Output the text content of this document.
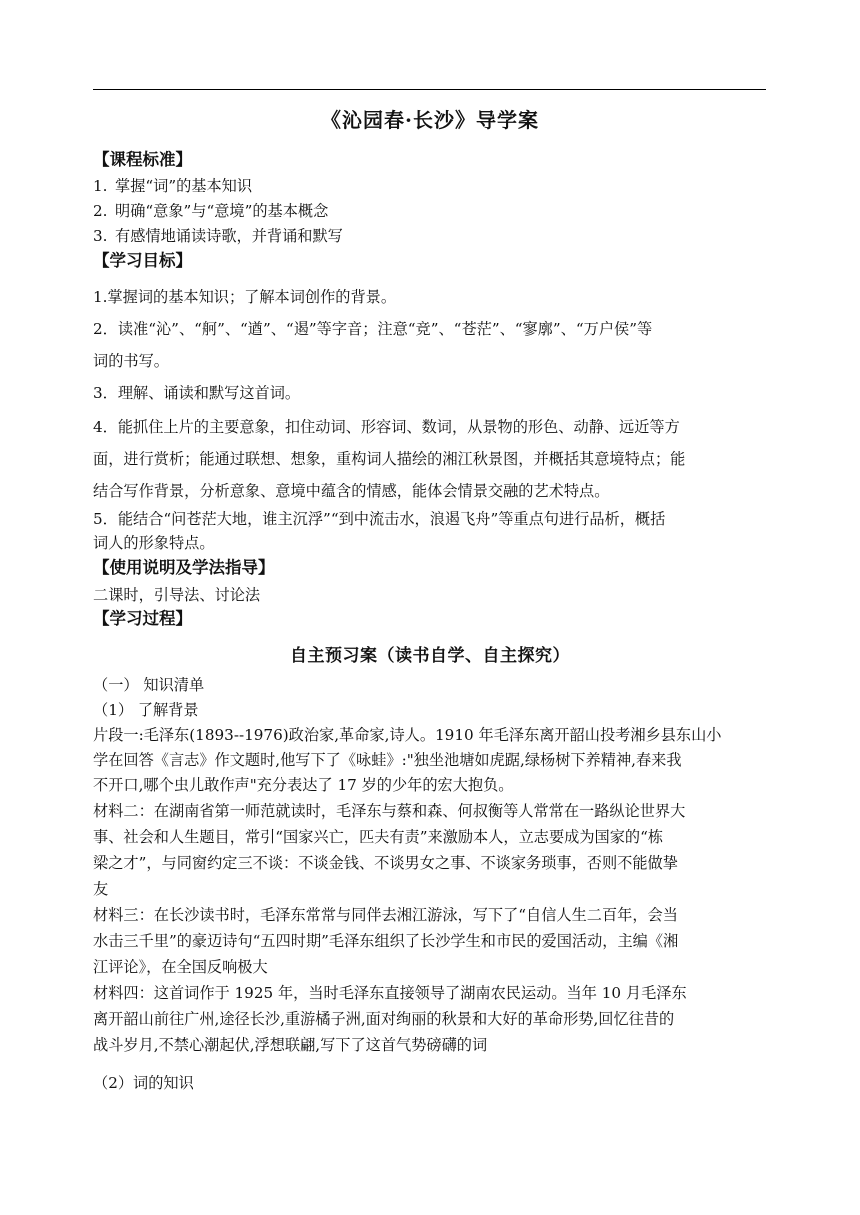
《沁园春·长沙》导学案
【课程标准】
1. 掌握“词”的基本知识
2. 明确“意象”与“意境”的基本概念
3. 有感情地诵读诗歌，并背诵和默写
【学习目标】
1.掌握词的基本知识；了解本词创作的背景。
2．读准“沁”、“舸”、“遒”、“遏”等字音；注意“竞”、“苍茫”、“寥廓”、“万户侯”等
词的书写。
3．理解、诵读和默写这首词。
4．能抓住上片的主要意象，扣住动词、形容词、数词，从景物的形色、动静、远近等方
面，进行赏析；能通过联想、想象，重构词人描绘的湘江秋景图，并概括其意境特点；能
结合写作背景，分析意象、意境中蕴含的情感，能体会情景交融的艺术特点。
5．能结合“问苍茫大地，谁主沉浮”“到中流击水，浪遏飞舟”等重点句进行品析，概括
词人的形象特点。
【使用说明及学法指导】
二课时，引导法、讨论法
【学习过程】
自主预习案（读书自学、自主探究）
（一） 知识清单
（1） 了解背景
片段一:毛泽东(1893--1976)政治家,革命家,诗人。1910 年毛泽东离开韶山投考湘乡县东山小
学在回答《言志》作文题时,他写下了《咏蛙》:"独坐池塘如虎踞,绿杨树下养精神,春来我
不开口,哪个虫儿敢作声"充分表达了 17 岁的少年的宏大抱负。
材料二：在湖南省第一师范就读时，毛泽东与蔡和森、何叔衡等人常常在一路纵论世界大
事、社会和人生题目，常引“国家兴亡，匹夫有责”来激励本人，立志要成为国家的“栋
梁之才”，与同窗约定三不谈：不谈金钱、不谈男女之事、不谈家务琐事，否则不能做挚
友
材料三：在长沙读书时，毛泽东常常与同伴去湘江游泳，写下了“自信人生二百年，会当
水击三千里”的豪迈诗句“五四时期”毛泽东组织了长沙学生和市民的爱国活动，主编《湘
江评论》，在全国反响极大
材料四：这首词作于 1925 年，当时毛泽东直接领导了湖南农民运动。当年 10 月毛泽东
离开韶山前往广州,途径长沙,重游橘子洲,面对绚丽的秋景和大好的革命形势,回忆往昔的
战斗岁月,不禁心潮起伏,浮想联翩,写下了这首气势磅礴的词
（2）词的知识
